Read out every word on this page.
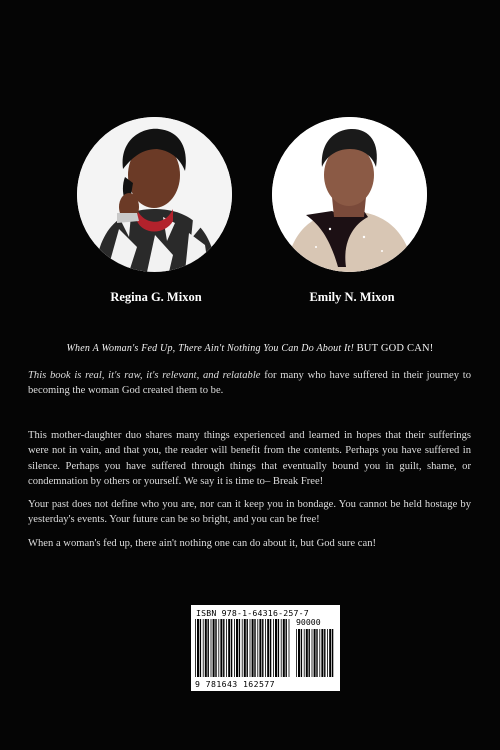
Regina G. Mixon	Emily N. Mixon
When A Woman's Fed Up, There Ain't Nothing You Can Do About It! BUT GOD CAN!
This book is real, it's raw, it's relevant, and relatable for many who have suffered in their journey to becoming the woman God created them to be.
This mother-daughter duo shares many things experienced and learned in hopes that their sufferings were not in vain, and that you, the reader will benefit from the contents. Perhaps you have suffered in silence. Perhaps you have suffered through things that eventually bound you in guilt, shame, or condemnation by others or yourself. We say it is time to– Break Free!
Your past does not define who you are, nor can it keep you in bondage. You cannot be held hostage by yesterday's events. Your future can be so bright, and you can be free!
When a woman's fed up, there ain't nothing one can do about it, but God sure can!
ISBN 978-1-64316-257-7
90000
9 781643 162577
